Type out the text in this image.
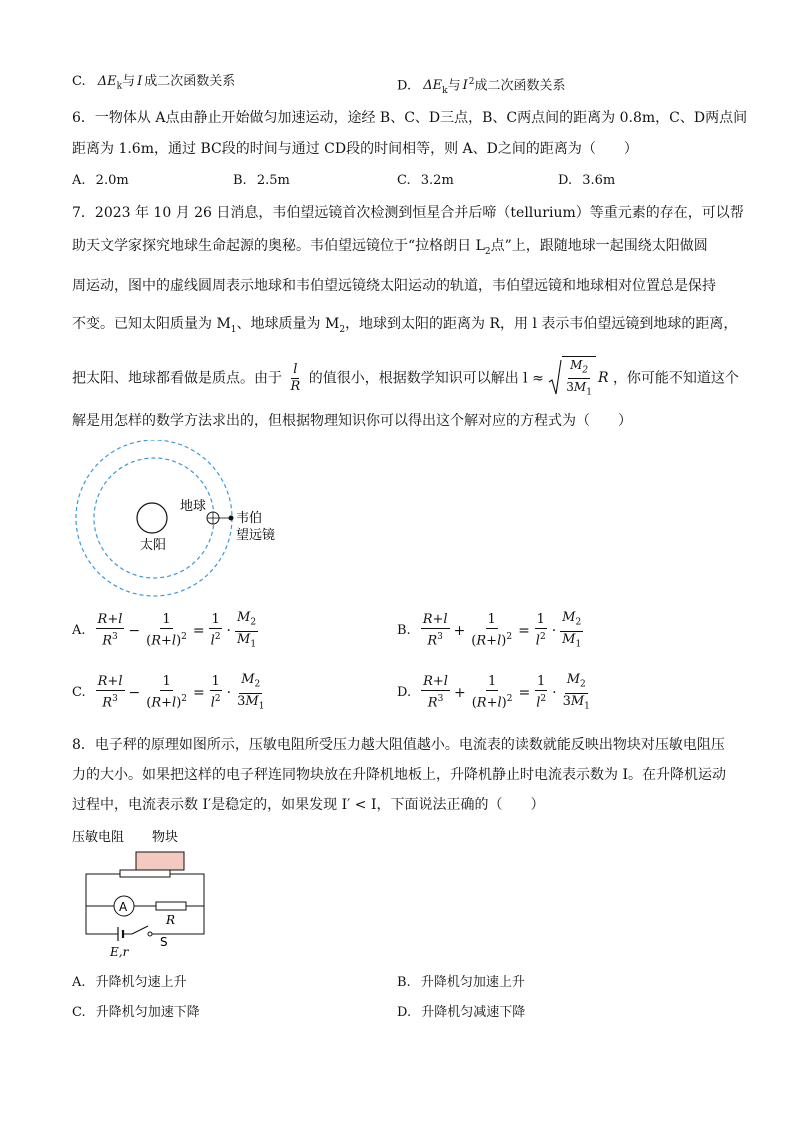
C. $\Delta E_k$与 I 成二次函数关系	D. $\Delta E_k$与 $I^2$成二次函数关系
6．一物体从 A点由静止开始做匀加速运动，途经 B、C、D三点，B、C两点间的距离为 0.8m，C、D两点间
距离为 1.6m，通过 BC段的时间与通过 CD段的时间相等，则 A、D之间的距离为（　　）
A. 2.0m	B. 2.5m	C. 3.2m	D. 3.6m
7．2023 年 10 月 26 日消息，韦伯望远镜首次检测到恒星合并后啼（tellurium）等重元素的存在，可以帮
助天文学家探究地球生命起源的奥秘。韦伯望远镜位于“拉格朗日 $L_2$点”上，跟随地球一起围绕太阳做圆
周运动，图中的虚线圆周表示地球和韦伯望远镜绕太阳运动的轨道，韦伯望远镜和地球相对位置总是保持
不变。已知太阳质量为 $M_1$、地球质量为 $M_2$，地球到太阳的距离为 R，用 l 表示韦伯望远镜到地球的距离，
把太阳、地球都看做是质点。由于 $\frac{l}{R}$ 的值很小，根据数学知识可以解出 $l \approx \frac{M_2}{3M_1}$ R ，你可能不知道这个
解是用怎样的数学方法求出的，但根据物理知识你可以得出这个解对应的方程式为（　　）
地球
太阳
韦伯
望远镜
A. $\frac{R+l}{R^3} - \frac{1}{(R+l)^2} = \frac{1}{l^2} \cdot \frac{M_2}{M_1}$	B. $\frac{R+l}{R^3} + \frac{1}{(R+l)^2} = \frac{1}{l^2} \cdot \frac{M_2}{M_1}$
C. $\frac{R+l}{R^3} - \frac{1}{(R+l)^2} = \frac{1}{l^2} \cdot \frac{M_2}{3M_1}$	D. $\frac{R+l}{R^3} + \frac{1}{(R+l)^2} = \frac{1}{l^2} \cdot \frac{M_2}{3M_1}$
8．电子秤的原理如图所示，压敏电阻所受压力越大阻值越小。电流表的读数就能反映出物块对压敏电阻压
力的大小。如果把这样的电子秤连同物块放在升降机地板上，升降机静止时电流表示数为 I。在升降机运动
过程中，电流表示数 I′是稳定的，如果发现 I′ < I，下面说法正确的（　　）
压敏电阻 物块
A
R
E,r
S
A. 升降机匀速上升	B. 升降机匀加速上升
C. 升降机匀加速下降	D. 升降机匀减速下降
